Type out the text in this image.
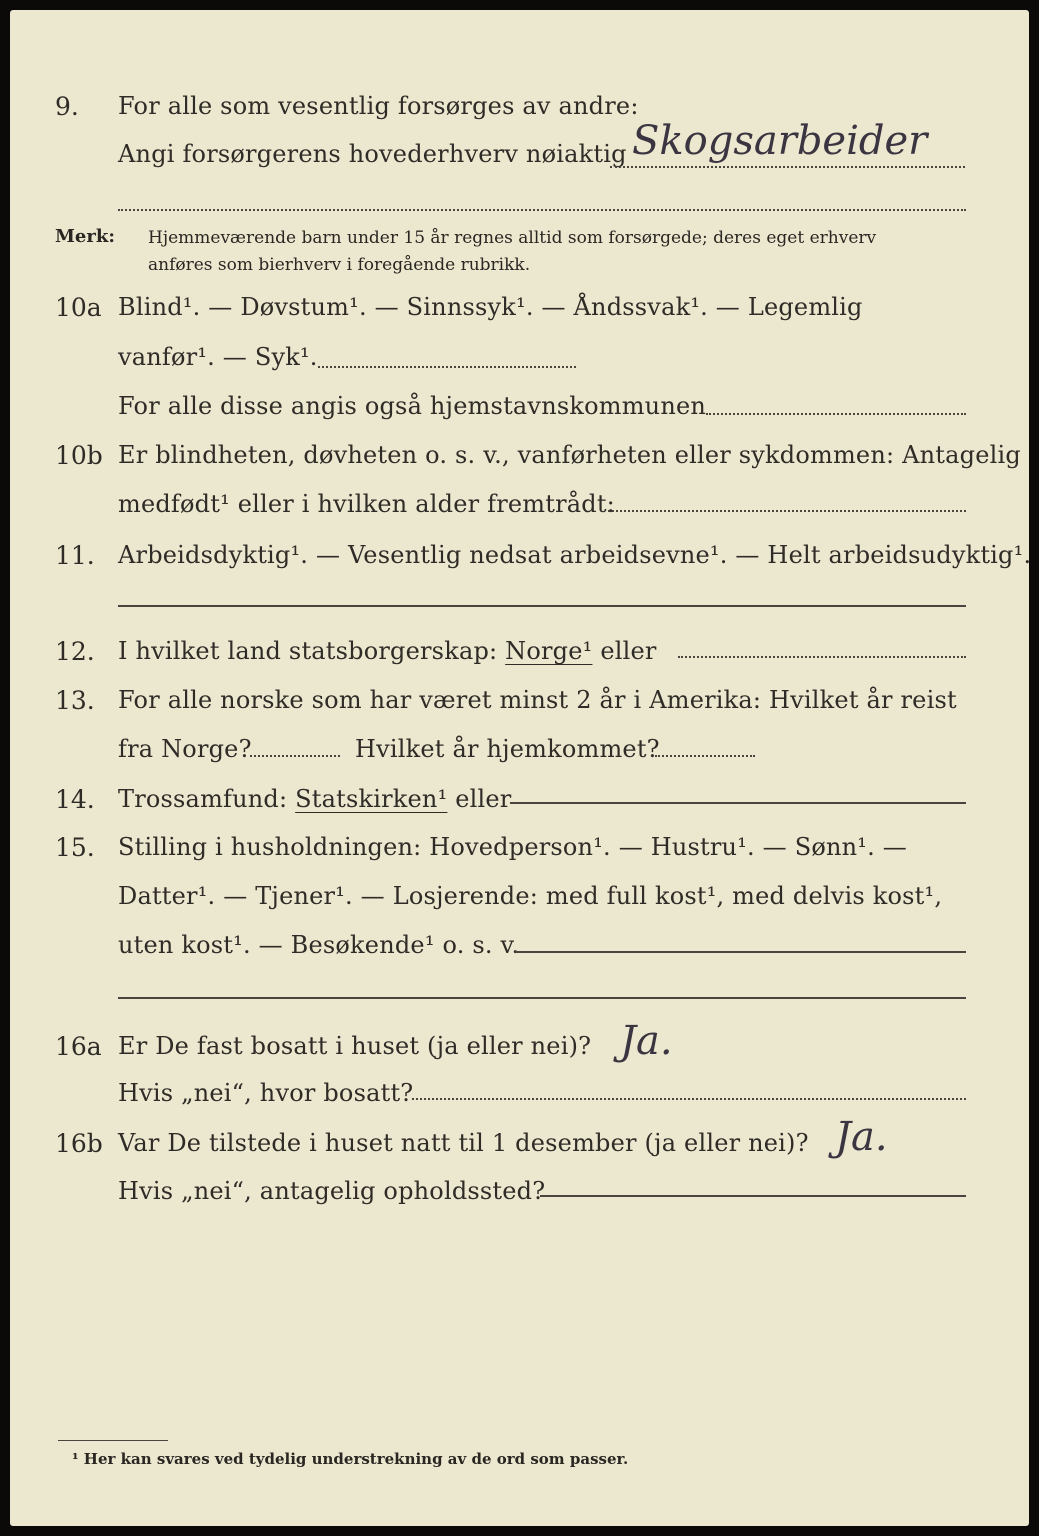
9. For alle som vesentlig forsørges av andre:
Angi forsørgerens hovederhverv nøiaktig Skogsarbeider
Merk: Hjemmeværende barn under 15 år regnes alltid som forsørgede; deres eget erhverv
anføres som bierhverv i foregående rubrikk.
10a Blind¹. — Døvstum¹. — Sinnssyk¹. — Åndssvak¹. — Legemlig
vanfør¹. — Syk¹.
For alle disse angis også hjemstavnskommunen
10b Er blindheten, døvheten o. s. v., vanførheten eller sykdommen: Antagelig
medfødt¹ eller i hvilken alder fremtrådt:
11. Arbeidsdyktig¹. — Vesentlig nedsat arbeidsevne¹. — Helt arbeidsudyktig¹.
12. I hvilket land statsborgerskap: Norge¹ eller
13. For alle norske som har været minst 2 år i Amerika: Hvilket år reist
fra Norge?	Hvilket år hjemkommet?
14. Trossamfund: Statskirken¹ eller
15. Stilling i husholdningen: Hovedperson¹. — Hustru¹. — Sønn¹. —
Datter¹. — Tjener¹. — Losjerende: med full kost¹, med delvis kost¹,
uten kost¹. — Besøkende¹ o. s. v.
16a Er De fast bosatt i huset (ja eller nei)? Ja.
Hvis „nei“, hvor bosatt?
16b Var De tilstede i huset natt til 1 desember (ja eller nei)? Ja.
Hvis „nei“, antagelig opholdssted?
¹ Her kan svares ved tydelig understrekning av de ord som passer.
